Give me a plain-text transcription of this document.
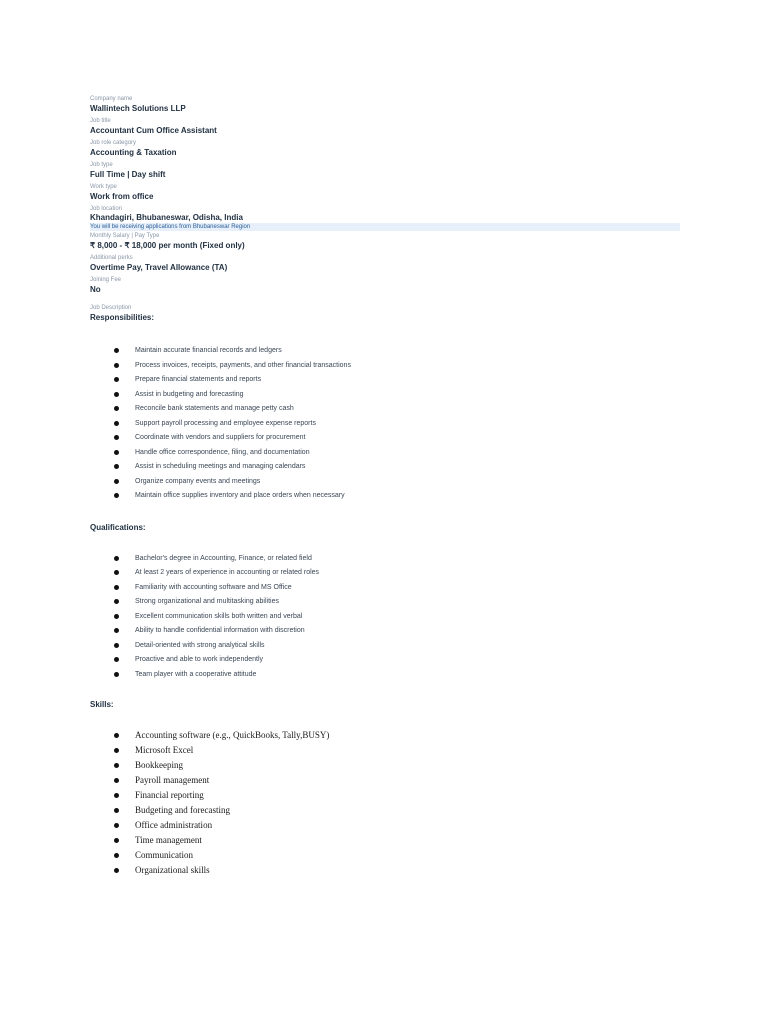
Company name
Wallintech Solutions LLP
Job title
Accountant Cum Office Assistant
Job role category
Accounting & Taxation
Job type
Full Time | Day shift
Work type
Work from office
Job location
Khandagiri, Bhubaneswar, Odisha, India
You will be receiving applications from Bhubaneswar Region
Monthly Salary | Pay Type
₹ 8,000 - ₹ 18,000 per month (Fixed only)
Additional perks
Overtime Pay, Travel Allowance (TA)
Joining Fee
No
Job Description
Responsibilities:
Maintain accurate financial records and ledgers
Process invoices, receipts, payments, and other financial transactions
Prepare financial statements and reports
Assist in budgeting and forecasting
Reconcile bank statements and manage petty cash
Support payroll processing and employee expense reports
Coordinate with vendors and suppliers for procurement
Handle office correspondence, filing, and documentation
Assist in scheduling meetings and managing calendars
Organize company events and meetings
Maintain office supplies inventory and place orders when necessary
Qualifications:
Bachelor's degree in Accounting, Finance, or related field
At least 2 years of experience in accounting or related roles
Familiarity with accounting software and MS Office
Strong organizational and multitasking abilities
Excellent communication skills both written and verbal
Ability to handle confidential information with discretion
Detail-oriented with strong analytical skills
Proactive and able to work independently
Team player with a cooperative attitude
Skills:
Accounting software (e.g., QuickBooks, Tally,BUSY)
Microsoft Excel
Bookkeeping
Payroll management
Financial reporting
Budgeting and forecasting
Office administration
Time management
Communication
Organizational skills
